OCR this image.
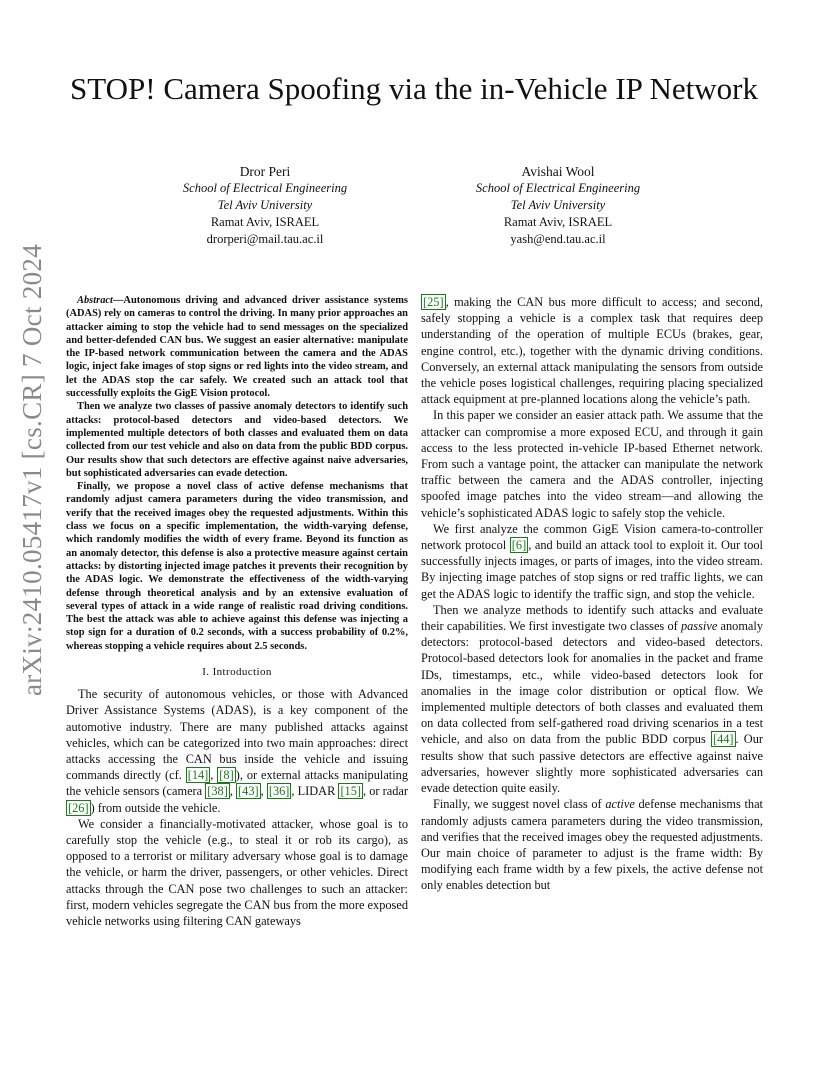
STOP! Camera Spoofing via the in-Vehicle IP Network
Dror Peri
School of Electrical Engineering
Tel Aviv University
Ramat Aviv, ISRAEL
drorperi@mail.tau.ac.il
Avishai Wool
School of Electrical Engineering
Tel Aviv University
Ramat Aviv, ISRAEL
yash@end.tau.ac.il
arXiv:2410.05417v1 [cs.CR] 7 Oct 2024	Abstract—Autonomous driving and advanced driver assistance systems (ADAS) rely on cameras to control the driving. In many prior approaches an attacker aiming to stop the vehicle had to send messages on the specialized and better-defended CAN bus. We suggest an easier alternative: manipulate the IP-based network communication between the camera and the ADAS logic, inject fake images of stop signs or red lights into the video stream, and let the ADAS stop the car safely. We created such an attack tool that successfully exploits the GigE Vision protocol.

Then we analyze two classes of passive anomaly detectors to identify such attacks: protocol-based detectors and video-based detectors. We implemented multiple detectors of both classes and evaluated them on data collected from our test vehicle and also on data from the public BDD corpus. Our results show that such detectors are effective against naive adversaries, but sophisticated adversaries can evade detection.

Finally, we propose a novel class of active defense mechanisms that randomly adjust camera parameters during the video transmission, and verify that the received images obey the requested adjustments. Within this class we focus on a specific implementation, the width-varying defense, which randomly modifies the width of every frame. Beyond its function as an anomaly detector, this defense is also a protective measure against certain attacks: by distorting injected image patches it prevents their recognition by the ADAS logic. We demonstrate the effectiveness of the width-varying defense through theoretical analysis and by an extensive evaluation of several types of attack in a wide range of realistic road driving conditions. The best the attack was able to achieve against this defense was injecting a stop sign for a duration of 0.2 seconds, with a success probability of 0.2%, whereas stopping a vehicle requires about 2.5 seconds.

I. Introduction

The security of autonomous vehicles, or those with Advanced Driver Assistance Systems (ADAS), is a key component of the automotive industry. There are many published attacks against vehicles, which can be categorized into two main approaches: direct attacks accessing the CAN bus inside the vehicle and issuing commands directly (cf. [14] , [8] ), or external attacks manipulating the vehicle sensors (camera [38] , [43] , [36] , LIDAR [15] , or radar [26] ) from outside the vehicle.

We consider a financially-motivated attacker, whose goal is to carefully stop the vehicle (e.g., to steal it or rob its cargo), as opposed to a terrorist or military adversary whose goal is to damage the vehicle, or harm the driver, passengers, or other vehicles. Direct attacks through the CAN pose two challenges to such an attacker: first, modern vehicles segregate the CAN bus from the more exposed vehicle networks using filtering CAN gateways

[25] , making the CAN bus more difficult to access; and second, safely stopping a vehicle is a complex task that requires deep understanding of the operation of multiple ECUs (brakes, gear, engine control, etc.), together with the dynamic driving conditions. Conversely, an external attack manipulating the sensors from outside the vehicle poses logistical challenges, requiring placing specialized attack equipment at pre-planned locations along the vehicle’s path.

In this paper we consider an easier attack path. We assume that the attacker can compromise a more exposed ECU, and through it gain access to the less protected in-vehicle IP-based Ethernet network. From such a vantage point, the attacker can manipulate the network traffic between the camera and the ADAS controller, injecting spoofed image patches into the video stream—and allowing the vehicle’s sophisticated ADAS logic to safely stop the vehicle.

We first analyze the common GigE Vision camera-to-controller network protocol [6] , and build an attack tool to exploit it. Our tool successfully injects images, or parts of images, into the video stream. By injecting image patches of stop signs or red traffic lights, we can get the ADAS logic to identify the traffic sign, and stop the vehicle.

Then we analyze methods to identify such attacks and evaluate their capabilities. We first investigate two classes of passive anomaly detectors: protocol-based detectors and video-based detectors. Protocol-based detectors look for anomalies in the packet and frame IDs, timestamps, etc., while video-based detectors look for anomalies in the image color distribution or optical flow. We implemented multiple detectors of both classes and evaluated them on data collected from self-gathered road driving scenarios in a test vehicle, and also on data from the public BDD corpus [44] . Our results show that such passive detectors are effective against naive adversaries, however slightly more sophisticated adversaries can evade detection quite easily.

Finally, we suggest novel class of active defense mechanisms that randomly adjusts camera parameters during the video transmission, and verifies that the received images obey the requested adjustments. Our main choice of parameter to adjust is the frame width: By modifying each frame width by a few pixels, the active defense not only enables detection but
